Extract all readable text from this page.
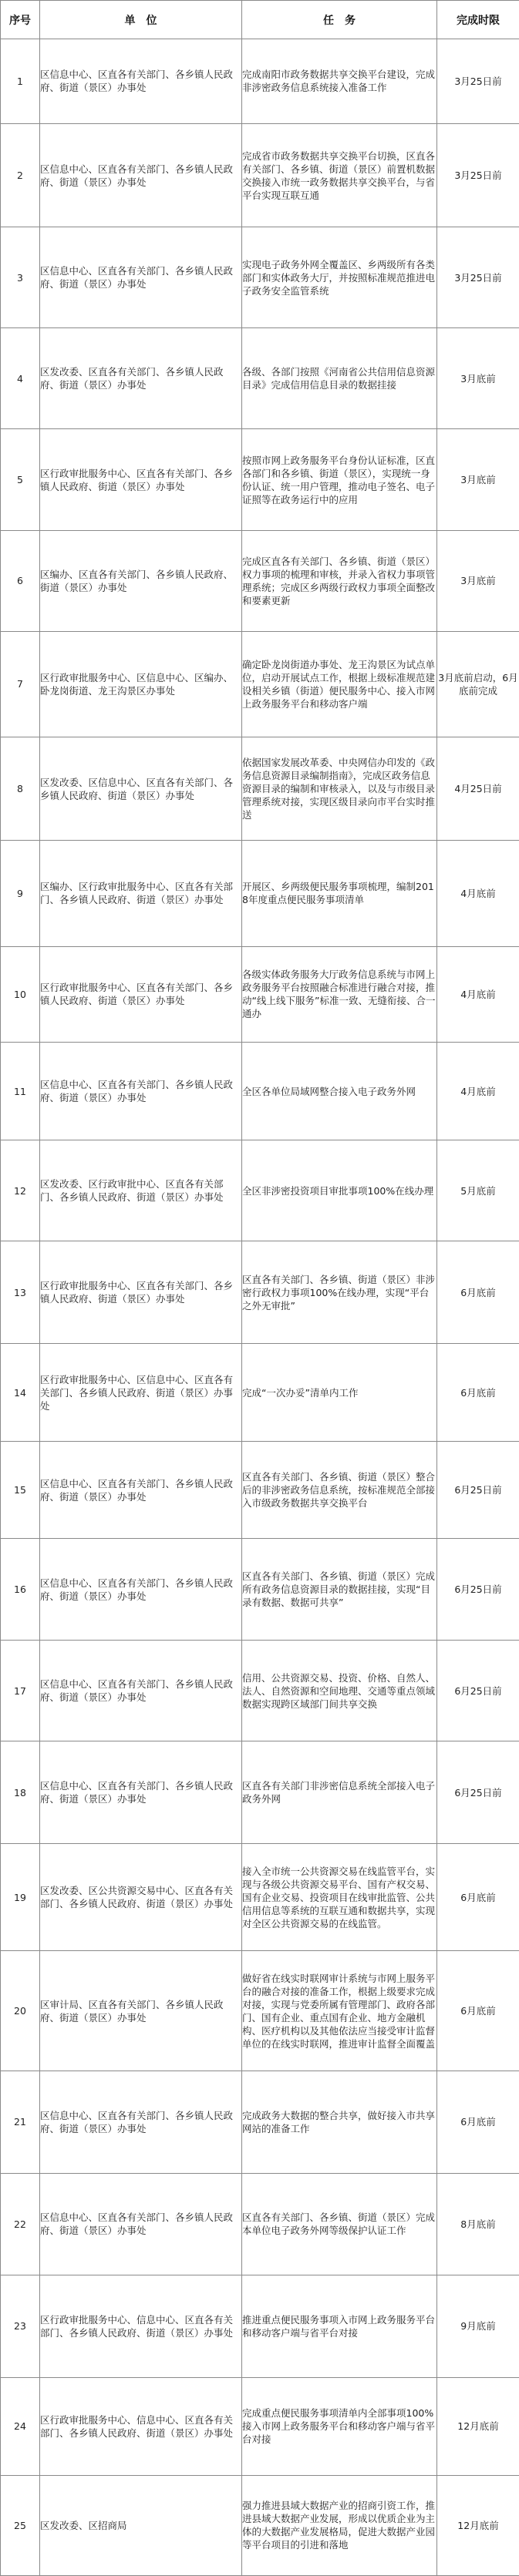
序号	单　位	任　务	完成时限

1	区信息中心、区直各有关部门、各乡镇人民政府、街道（景区）办事处	完成南阳市政务数据共享交换平台建设，完成非涉密政务信息系统接入准备工作	3月25日前

2	区信息中心、区直各有关部门、各乡镇人民政府、街道（景区）办事处	完成省市政务数据共享交换平台切换，区直各有关部门、各乡镇、街道（景区）前置机数据交换接入市统一政务数据共享交换平台，与省平台实现互联互通	3月25日前

3	区信息中心、区直各有关部门、各乡镇人民政府、街道（景区）办事处	实现电子政务外网全覆盖区、乡两级所有各类部门和实体政务大厅，并按照标准规范推进电子政务安全监管系统	3月25日前

4	区发改委、区直各有关部门、各乡镇人民政府、街道（景区）办事处	各级、各部门按照《河南省公共信用信息资源目录》完成信用信息目录的数据挂接	3月底前

5	区行政审批服务中心、区直各有关部门、各乡镇人民政府、街道（景区）办事处	按照市网上政务服务平台身份认证标准，区直各部门和各乡镇、街道（景区），实现统一身份认证、统一用户管理，推动电子签名、电子证照等在政务运行中的应用	3月底前

6	区编办、区直各有关部门、各乡镇人民政府、街道（景区）办事处	完成区直各有关部门、各乡镇、街道（景区）权力事项的梳理和审核，并录入省权力事项管理系统；完成区乡两级行政权力事项全面整改和要素更新	3月底前

7	区行政审批服务中心、区信息中心、区编办、卧龙岗街道、龙王沟景区办事处	确定卧龙岗街道办事处、龙王沟景区为试点单位，启动开展试点工作，根据上级标准规范建设相关乡镇（街道）便民服务中心、接入市网上政务服务平台和移动客户端	3月底前启动，6月底前完成

8	区发改委、区信息中心、区直各有关部门、各乡镇人民政府、街道（景区）办事处	依据国家发展改革委、中央网信办印发的《政务信息资源目录编制指南》，完成区政务信息资源目录的编制和审核录入，以及与市级目录管理系统对接，实现区级目录向市平台实时推送	4月25日前

9	区编办、区行政审批服务中心、区直各有关部门、各乡镇人民政府、街道（景区）办事处	开展区、乡两级便民服务事项梳理，编制2018年度重点便民服务事项清单	4月底前

10	区行政审批服务中心、区直各有关部门、各乡镇人民政府、街道（景区）办事处	各级实体政务服务大厅政务信息系统与市网上政务服务平台按照融合标准进行融合对接，推动“线上线下服务”标准一致、无缝衔接、合一通办	4月底前

11	区信息中心、区直各有关部门、各乡镇人民政府、街道（景区）办事处	全区各单位局域网整合接入电子政务外网	4月底前

12	区发改委、区行政审批中心、区直各有关部门、各乡镇人民政府、街道（景区）办事处	全区非涉密投资项目审批事项100%在线办理	5月底前

13	区行政审批服务中心、区直各有关部门、各乡镇人民政府、街道（景区）办事处	区直各有关部门、各乡镇、街道（景区）非涉密行政权力事项100%在线办理，实现“平台之外无审批”	6月底前

14	区行政审批服务中心、区信息中心、区直各有关部门、各乡镇人民政府、街道（景区）办事处	完成“一次办妥”清单内工作	6月底前

15	区信息中心、区直各有关部门、各乡镇人民政府、街道（景区）办事处	区直各有关部门、各乡镇、街道（景区）整合后的非涉密政务信息系统，按标准规范全部接入市级政务数据共享交换平台	6月25日前

16	区信息中心、区直各有关部门、各乡镇人民政府、街道（景区）办事处	区直各有关部门、各乡镇、街道（景区）完成所有政务信息资源目录的数据挂接，实现“目录有数据、数据可共享”	6月25日前

17	区信息中心、区直各有关部门、各乡镇人民政府、街道（景区）办事处	信用、公共资源交易、投资、价格、自然人、法人、自然资源和空间地理、交通等重点领域数据实现跨区域部门间共享交换	6月25日前

18	区信息中心、区直各有关部门、各乡镇人民政府、街道（景区）办事处	区直各有关部门非涉密信息系统全部接入电子政务外网	6月25日前

19	区发改委、区公共资源交易中心、区直各有关部门、各乡镇人民政府、街道（景区）办事处	接入全市统一公共资源交易在线监管平台，实现与各级公共资源交易平台、国有产权交易、国有企业交易、投资项目在线审批监管、公共信用信息等系统的互联互通和数据共享，实现对全区公共资源交易的在线监管。	6月底前

20	区审计局、区直各有关部门、各乡镇人民政府、街道（景区）办事处	做好省在线实时联网审计系统与市网上服务平台的融合对接的准备工作，根据上级要求完成对接，实现与党委所属有管理部门、政府各部门、国有企业、重点国有企业、地方金融机构、医疗机构以及其他依法应当接受审计监督单位的在线实时联网，推进审计监督全面覆盖	6月底前

21	区信息中心、区直各有关部门、各乡镇人民政府、街道（景区）办事处	完成政务大数据的整合共享，做好接入市共享网站的准备工作	6月底前

22	区信息中心、区直各有关部门、各乡镇人民政府、街道（景区）办事处	区直各有关部门、各乡镇、街道（景区）完成本单位电子政务外网等级保护认证工作	8月底前

23	区行政审批服务中心、信息中心、区直各有关部门、各乡镇人民政府、街道（景区）办事处	推进重点便民服务事项入市网上政务服务平台和移动客户端与省平台对接	9月底前

24	区行政审批服务中心、信息中心、区直各有关部门、各乡镇人民政府、街道（景区）办事处	完成重点便民服务事项清单内全部事项100%接入市网上政务服务平台和移动客户端与省平台对接	12月底前

25	区发改委、区招商局	强力推进县域大数据产业的招商引资工作，推进县域大数据产业发展，形成以优质企业为主体的大数据产业发展格局，促进大数据产业园等平台项目的引进和落地	12月底前
